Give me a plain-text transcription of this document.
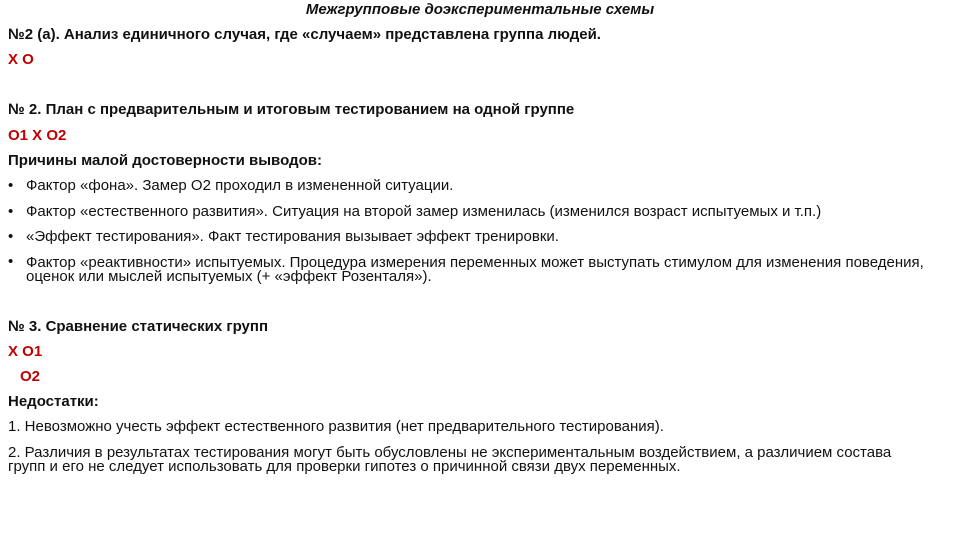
Межгрупповые доэкспериментальные схемы
№2 (а). Анализ единичного случая, где «случаем» представлена группа людей.
Х О
№ 2. План с предварительным и итоговым тестированием на одной группе
О1 Х О2
Причины малой достоверности выводов:
• Фактор «фона». Замер О2 проходил в измененной ситуации.
• Фактор «естественного развития». Ситуация на второй замер изменилась (изменился возраст испытуемых и т.п.)
• «Эффект тестирования». Факт тестирования вызывает эффект тренировки.
• Фактор «реактивности» испытуемых. Процедура измерения переменных может выступать стимулом для изменения поведения, оценок или мыслей испытуемых (+ «эффект Розенталя»).
№ 3. Сравнение статических групп
Х О1
О2
Недостатки:
1. Невозможно учесть эффект естественного развития (нет предварительного тестирования).
2. Различия в результатах тестирования могут быть обусловлены не экспериментальным воздействием, а различием состава групп и его не следует использовать для проверки гипотез о причинной связи двух переменных.
